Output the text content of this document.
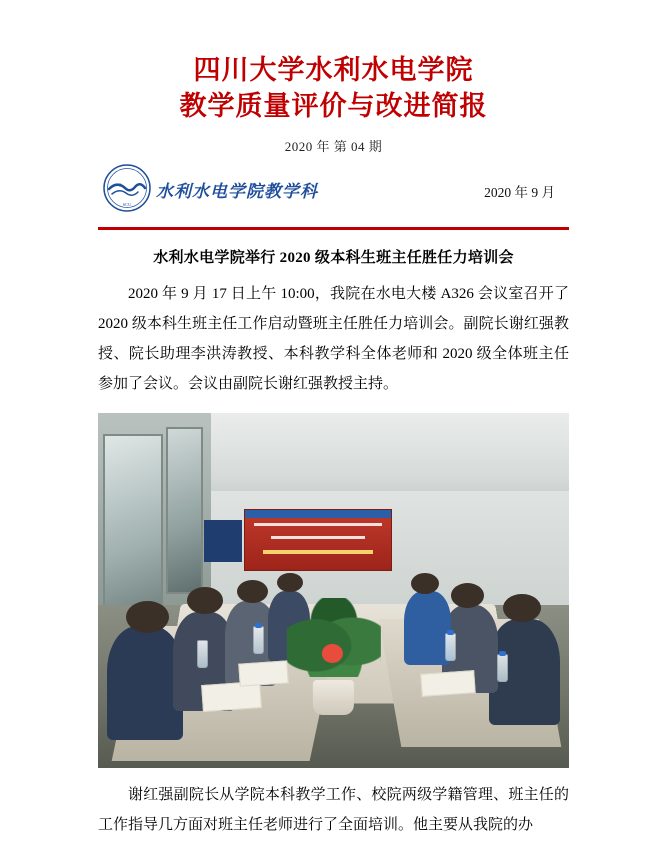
四川大学水利水电学院
教学质量评价与改进简报
2020 年 第 04 期
SCU
水利水电学院教学科	2020 年 9 月
水利水电学院举行 2020 级本科生班主任胜任力培训会
2020 年 9 月 17 日上午 10:00，我院在水电大楼 A326 会议室召开了 2020 级本科生班主任工作启动暨班主任胜任力培训会。副院长谢红强教授、院长助理李洪涛教授、本科教学科全体老师和 2020 级全体班主任参加了会议。会议由副院长谢红强教授主持。
谢红强副院长从学院本科教学工作、校院两级学籍管理、班主任的工作指导几方面对班主任老师进行了全面培训。他主要从我院的办
